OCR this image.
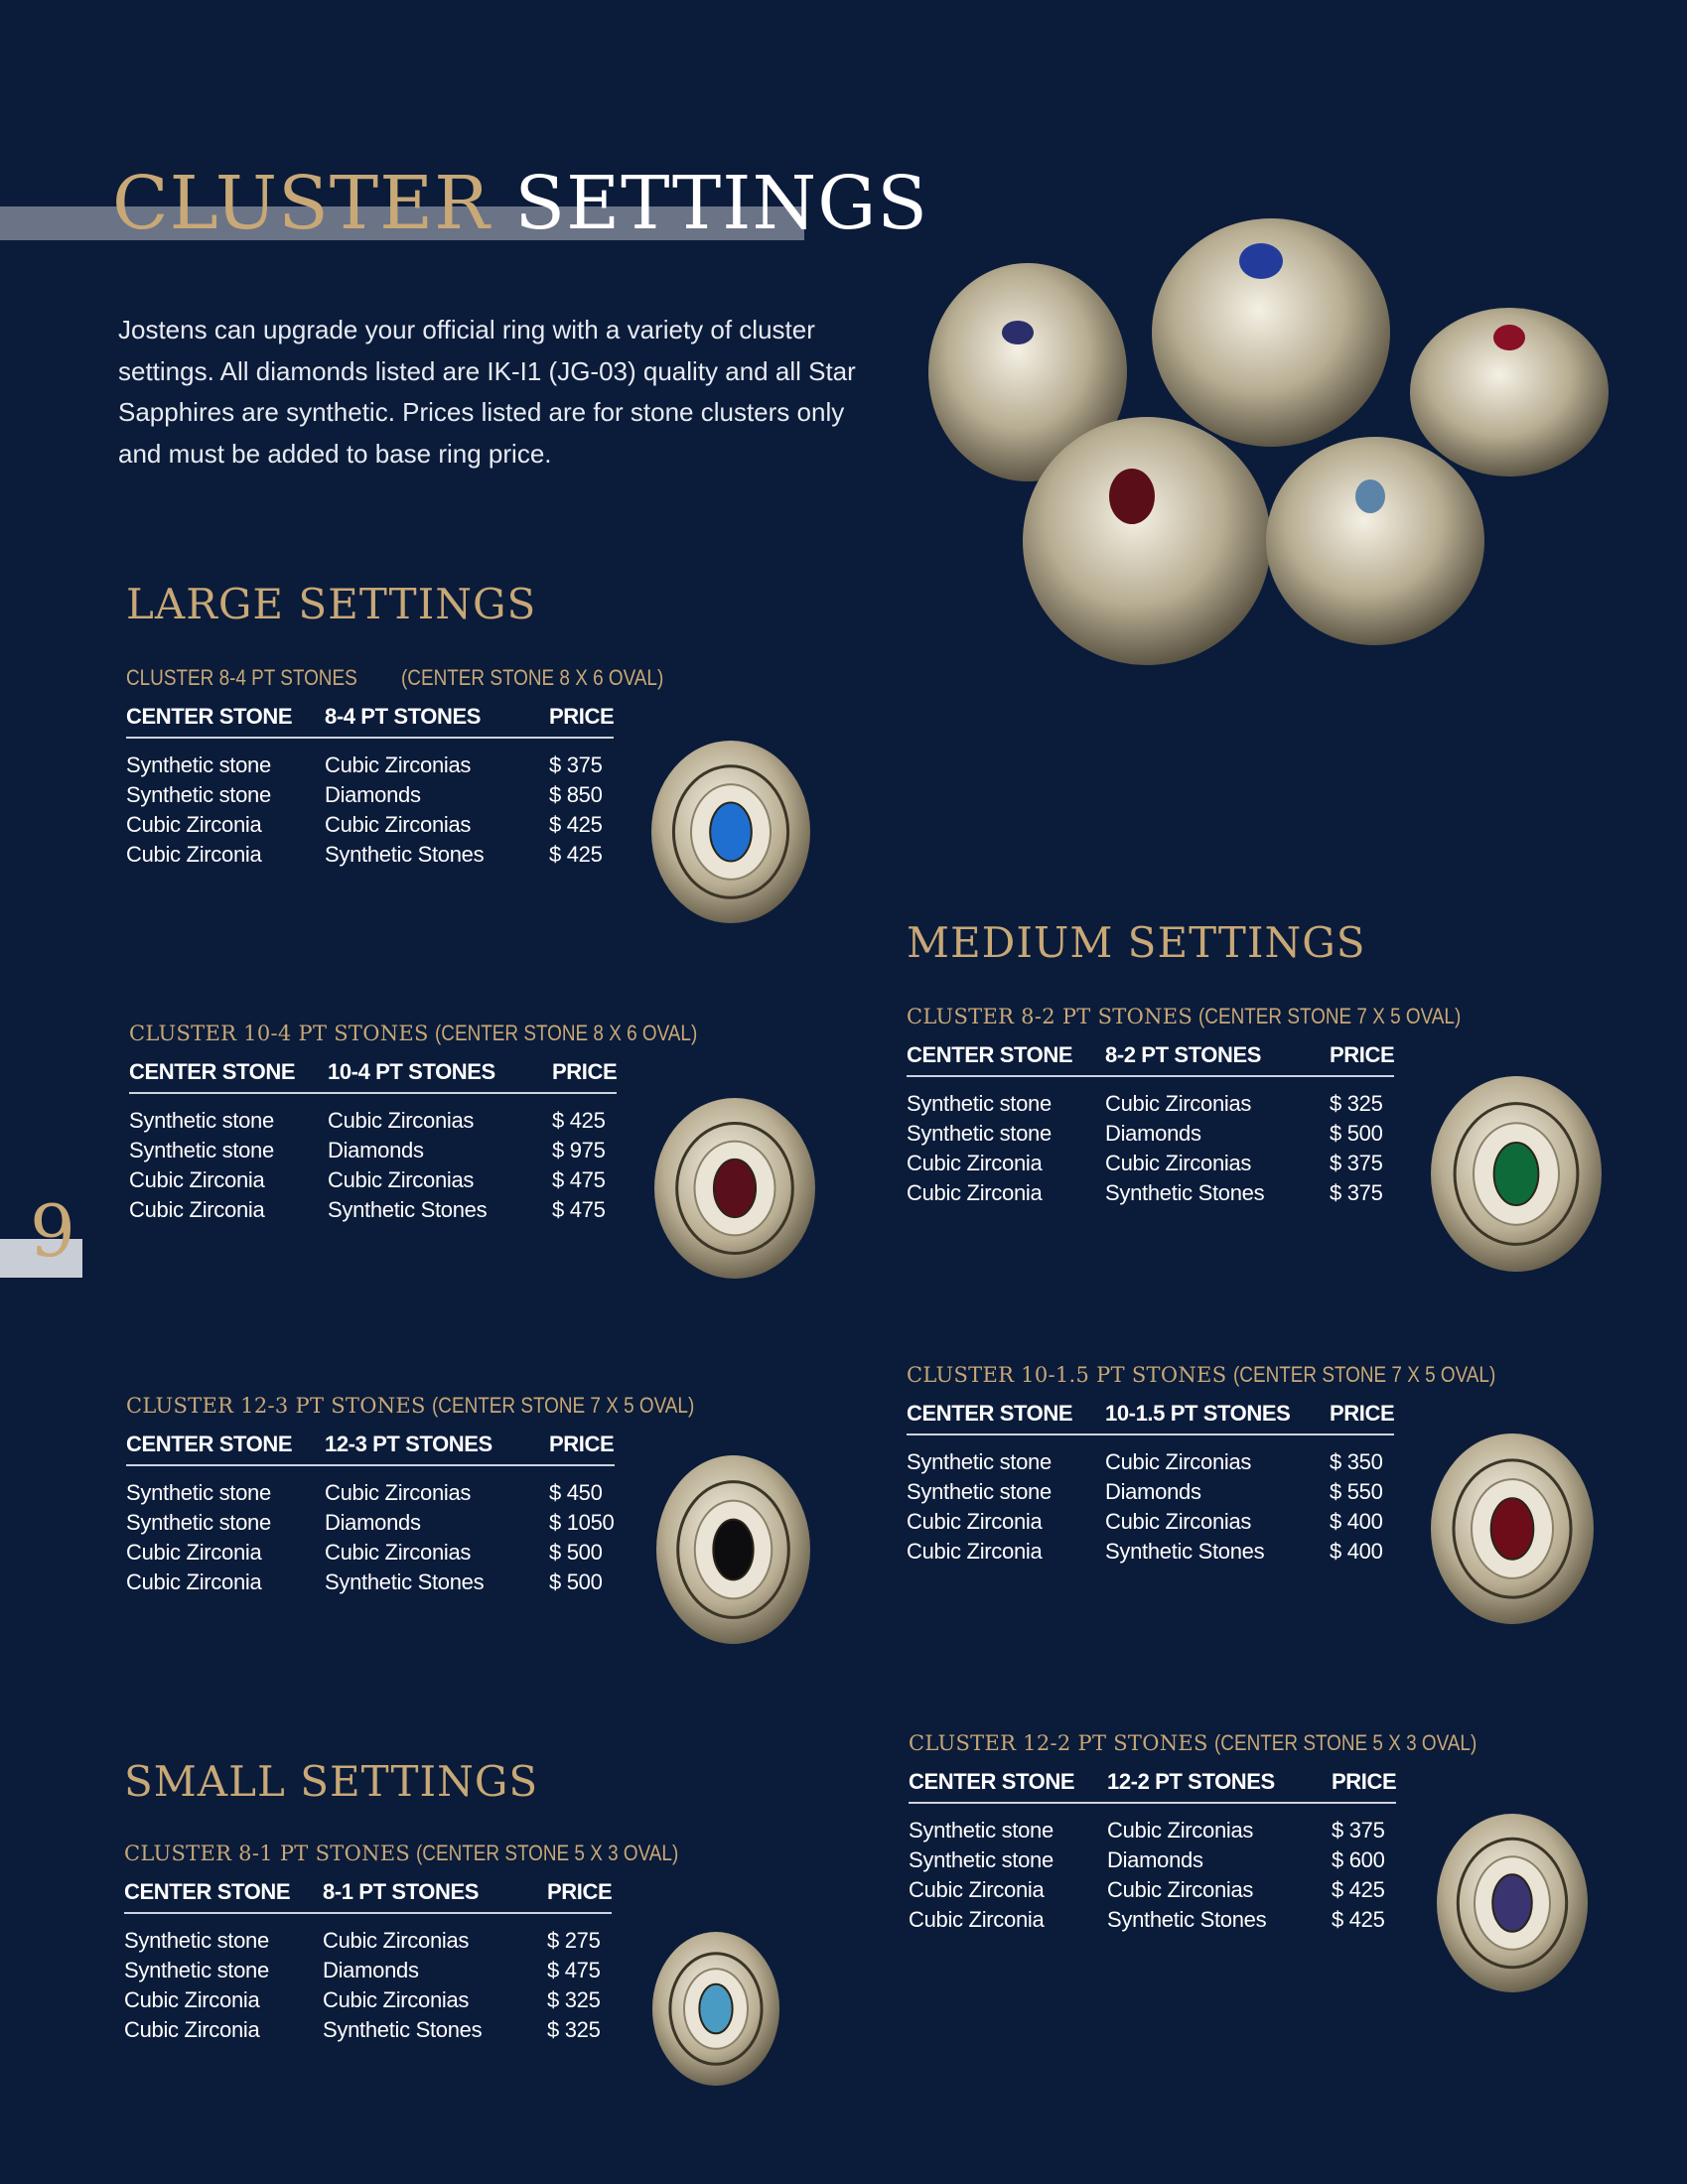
CLUSTER SETTINGS

Jostens can upgrade your official ring with a variety of cluster settings. All diamonds listed are IK-I1 (JG-03) quality and all Star Sapphires are synthetic. Prices listed are for stone clusters only and must be added to base ring price.

LARGE SETTINGS
CLUSTER 8-4 PT STONES (CENTER STONE 8 X 6 OVAL)
CENTER STONE	8-4 PT STONES	PRICE

Synthetic stone	Cubic Zirconias	$ 375
Synthetic stone	Diamonds	$ 850
Cubic Zirconia	Cubic Zirconias	$ 425
Cubic Zirconia	Synthetic Stones	$ 425
CLUSTER 10-4 PT STONES (CENTER STONE 8 X 6 OVAL)
CENTER STONE	10-4 PT STONES	PRICE

Synthetic stone	Cubic Zirconias	$ 425
Synthetic stone	Diamonds	$ 975
Cubic Zirconia	Cubic Zirconias	$ 475
Cubic Zirconia	Synthetic Stones	$ 475
CLUSTER 12-3 PT STONES (CENTER STONE 7 X 5 OVAL)
CENTER STONE	12-3 PT STONES	PRICE

Synthetic stone	Cubic Zirconias	$ 450
Synthetic stone	Diamonds	$ 1050
Cubic Zirconia	Cubic Zirconias	$ 500
Cubic Zirconia	Synthetic Stones	$ 500
SMALL SETTINGS
CLUSTER 8-1 PT STONES (CENTER STONE 5 X 3 OVAL)
CENTER STONE	8-1 PT STONES	PRICE

Synthetic stone	Cubic Zirconias	$ 275
Synthetic stone	Diamonds	$ 475
Cubic Zirconia	Cubic Zirconias	$ 325
Cubic Zirconia	Synthetic Stones	$ 325
MEDIUM SETTINGS
CLUSTER 8-2 PT STONES (CENTER STONE 7 X 5 OVAL)
CENTER STONE	8-2 PT STONES	PRICE

Synthetic stone	Cubic Zirconias	$ 325
Synthetic stone	Diamonds	$ 500
Cubic Zirconia	Cubic Zirconias	$ 375
Cubic Zirconia	Synthetic Stones	$ 375
CLUSTER 10-1.5 PT STONES (CENTER STONE 7 X 5 OVAL)
CENTER STONE	10-1.5 PT STONES	PRICE

Synthetic stone	Cubic Zirconias	$ 350
Synthetic stone	Diamonds	$ 550
Cubic Zirconia	Cubic Zirconias	$ 400
Cubic Zirconia	Synthetic Stones	$ 400
CLUSTER 12-2 PT STONES (CENTER STONE 5 X 3 OVAL)
CENTER STONE	12-2 PT STONES	PRICE

Synthetic stone	Cubic Zirconias	$ 375
Synthetic stone	Diamonds	$ 600
Cubic Zirconia	Cubic Zirconias	$ 425
Cubic Zirconia	Synthetic Stones	$ 425
9
